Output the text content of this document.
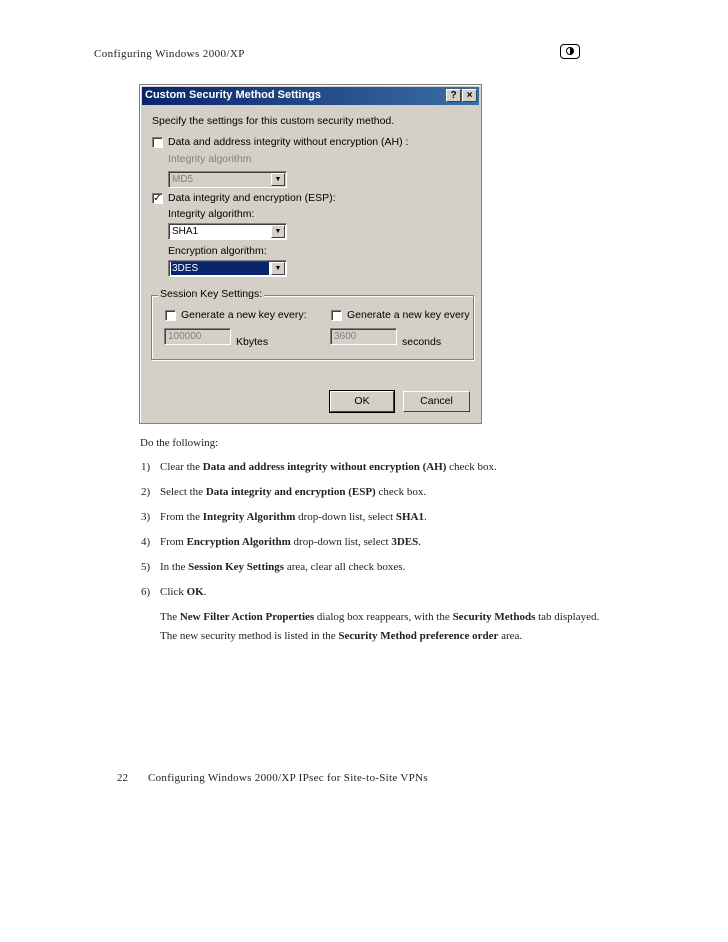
Configuring Windows 2000/XP
Custom Security Method Settings	?	×
Specify the settings for this custom security method.
Data and address integrity without encryption (AH) :
Integrity algorithm
MD5	▼
✓ Data integrity and encryption (ESP):
Integrity algorithm:
SHA1	▼
Encryption algorithm:
3DES	▼
Session Key Settings:
Generate a new key every:
100000	Kbytes
Generate a new key every
3600	seconds
OK	Cancel
Do the following:
1) Clear the Data and address integrity without encryption (AH) check box.
2) Select the Data integrity and encryption (ESP) check box.
3) From the Integrity Algorithm drop-down list, select SHA1.
4) From Encryption Algorithm drop-down list, select 3DES.
5) In the Session Key Settings area, clear all check boxes.
6) Click OK.
The New Filter Action Properties dialog box reappears, with the Security Methods tab displayed.
The new security method is listed in the Security Method preference order area.
22 Configuring Windows 2000/XP IPsec for Site-to-Site VPNs
